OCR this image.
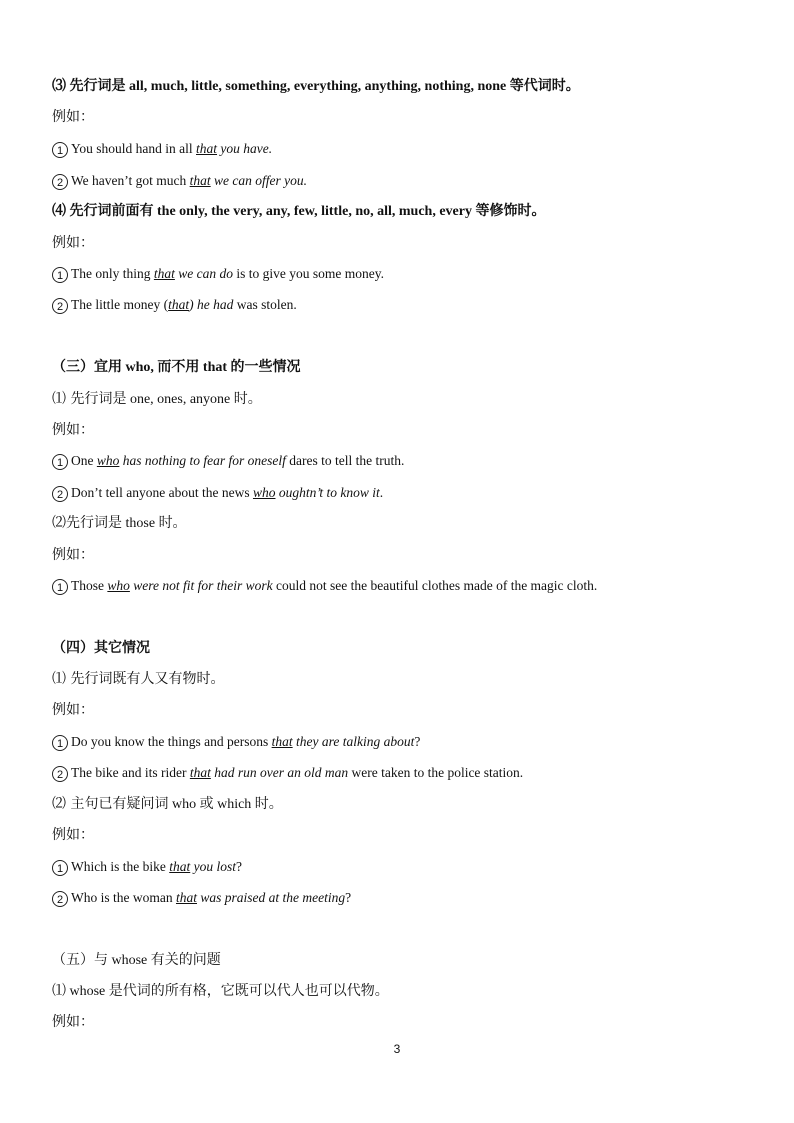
⑶ 先行词是 all, much, little, something, everything, anything, nothing, none 等代词时。
例如：
1 You should hand in all that you have.
2 We haven’t got much that we can offer you.
⑷ 先行词前面有 the only, the very, any, few, little, no, all, much, every 等修饰时。
例如：
1 The only thing that we can do is to give you some money.
2 The little money (that) he had was stolen.
（三）宜用 who, 而不用 that 的一些情况
⑴ 先行词是 one, ones, anyone 时。
例如：
1 One who has nothing to fear for oneself dares to tell the truth.
2 Don’t tell anyone about the news who oughtn’t to know it.
⑵先行词是 those 时。
例如：
1 Those who were not fit for their work could not see the beautiful clothes made of the magic cloth.
（四）其它情况
⑴ 先行词既有人又有物时。
例如：
1 Do you know the things and persons that they are talking about?
2 The bike and its rider that had run over an old man were taken to the police station.
⑵ 主句已有疑问词 who 或 which 时。
例如：
1 Which is the bike that you lost?
2 Who is the woman that was praised at the meeting?
（五）与 whose 有关的问题
⑴ whose 是代词的所有格，它既可以代人也可以代物。
例如：
3
